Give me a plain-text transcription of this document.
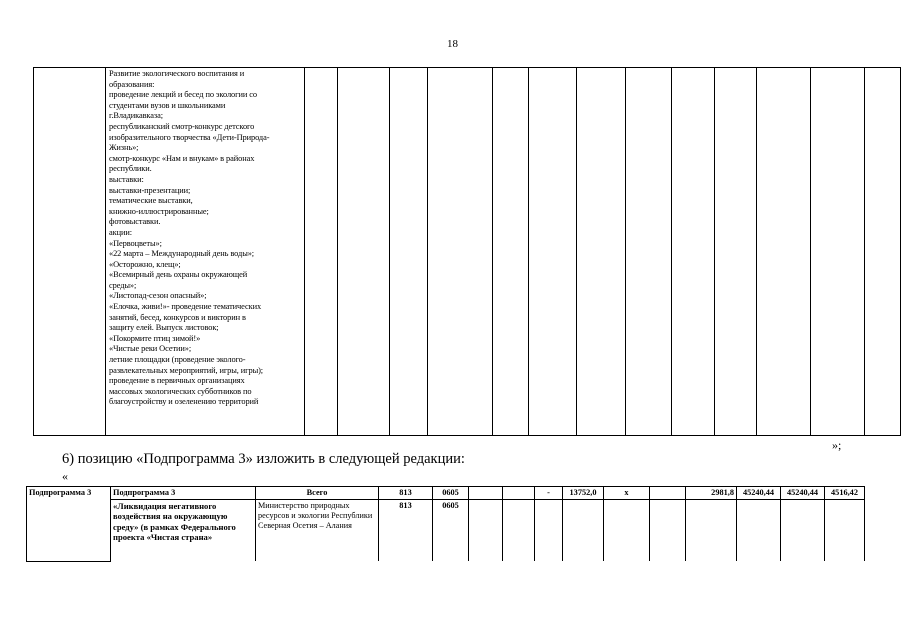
18

Развитие экологического воспитания и
образования:
проведение лекций и бесед по экологии со
студентами вузов и школьниками
г.Владикавказа;
республиканский смотр-конкурс детского
изобразительного творчества «Дети-Природа-
Жизнь»;
смотр-конкурс «Нам и внукам» в районах
республики.
выставки:
выставки-презентации;
тематические выставки,
книжно-иллюстрированные;
фотовыставки.
акции:
«Первоцветы»;
«22 марта – Международный день воды»;
«Осторожно, клещ»;
«Всемирный день охраны окружающей
среды»;
«Листопад-сезон опасный»;
«Елочка, живи!»- проведение тематических
занятий, бесед, конкурсов и викторин в
защиту елей. Выпуск листовок;
«Покормите птиц зимой!»
«Чистые реки Осетии»;
летние площадки (проведение эколого-
развлекательных мероприятий, игры, игры);
проведение в первичных организациях
массовых экологических субботников по
благоустройству и озеленению территорий

»;
6) позицию «Подпрограмма 3» изложить в следующей редакции:
«
Подпрограмма 3	Подпрограмма 3	Всего	813	0605			-	13752,0	х		2981,8	45240,44	45240,44	4516,42
	«Ликвидация негативного воздействия на окружающую среду» (в рамках Федерального проекта «Чистая страна»	Министерство природных ресурсов и экологии Республики Северная Осетия – Алания	813	0605										
